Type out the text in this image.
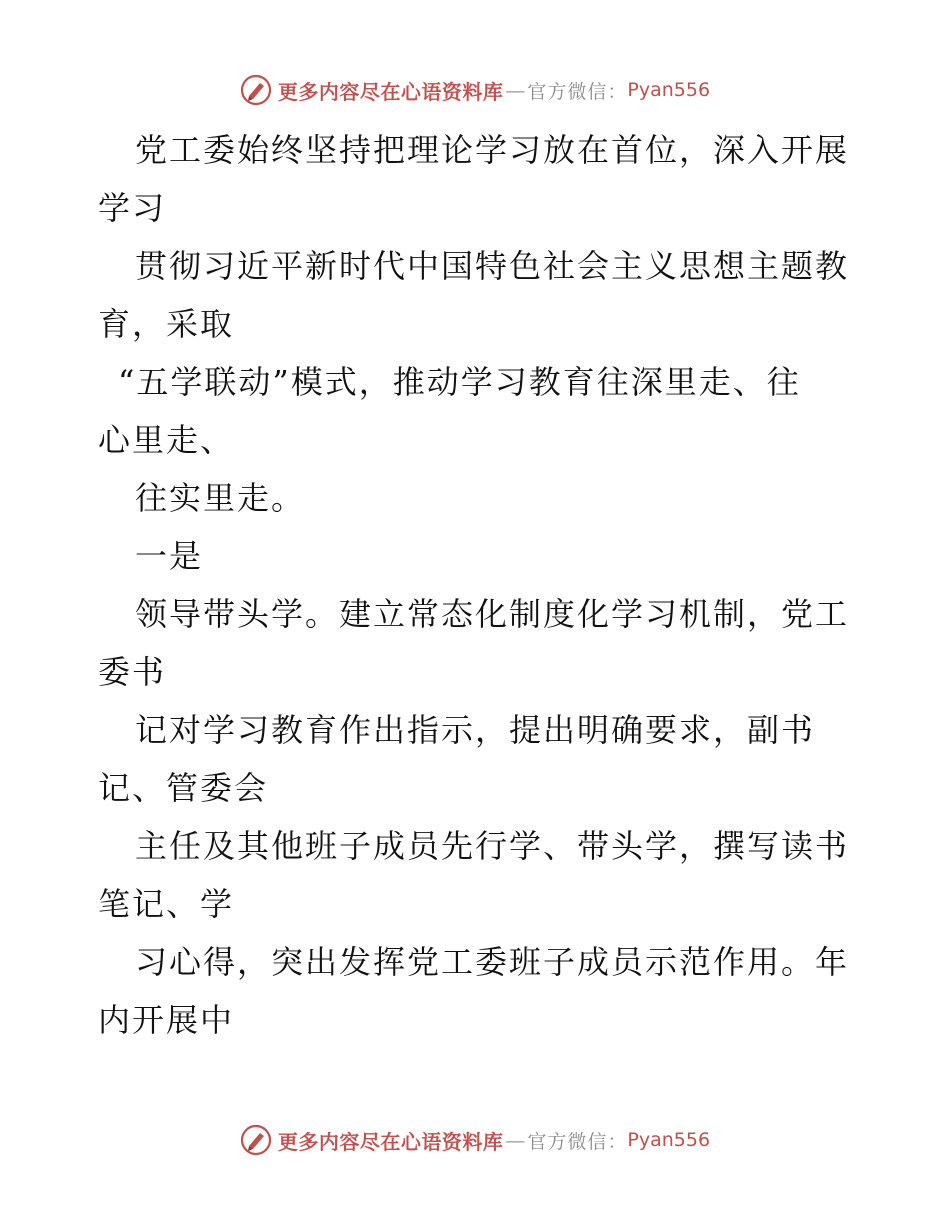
更多内容尽在心语资料库 — 官方微信： Pyan556
党工委始终坚持把理论学习放在首位，深入开展
学习
贯彻习近平新时代中国特色社会主义思想主题教
育，采取
“五学联动”模式，推动学习教育往深里走、往
心里走、
往实里走。
一是
领导带头学。建立常态化制度化学习机制，党工
委书
记对学习教育作出指示，提出明确要求，副书
记、管委会
主任及其他班子成员先行学、带头学，撰写读书
笔记、学
习心得，突出发挥党工委班子成员示范作用。年
内开展中
更多内容尽在心语资料库 — 官方微信： Pyan556
